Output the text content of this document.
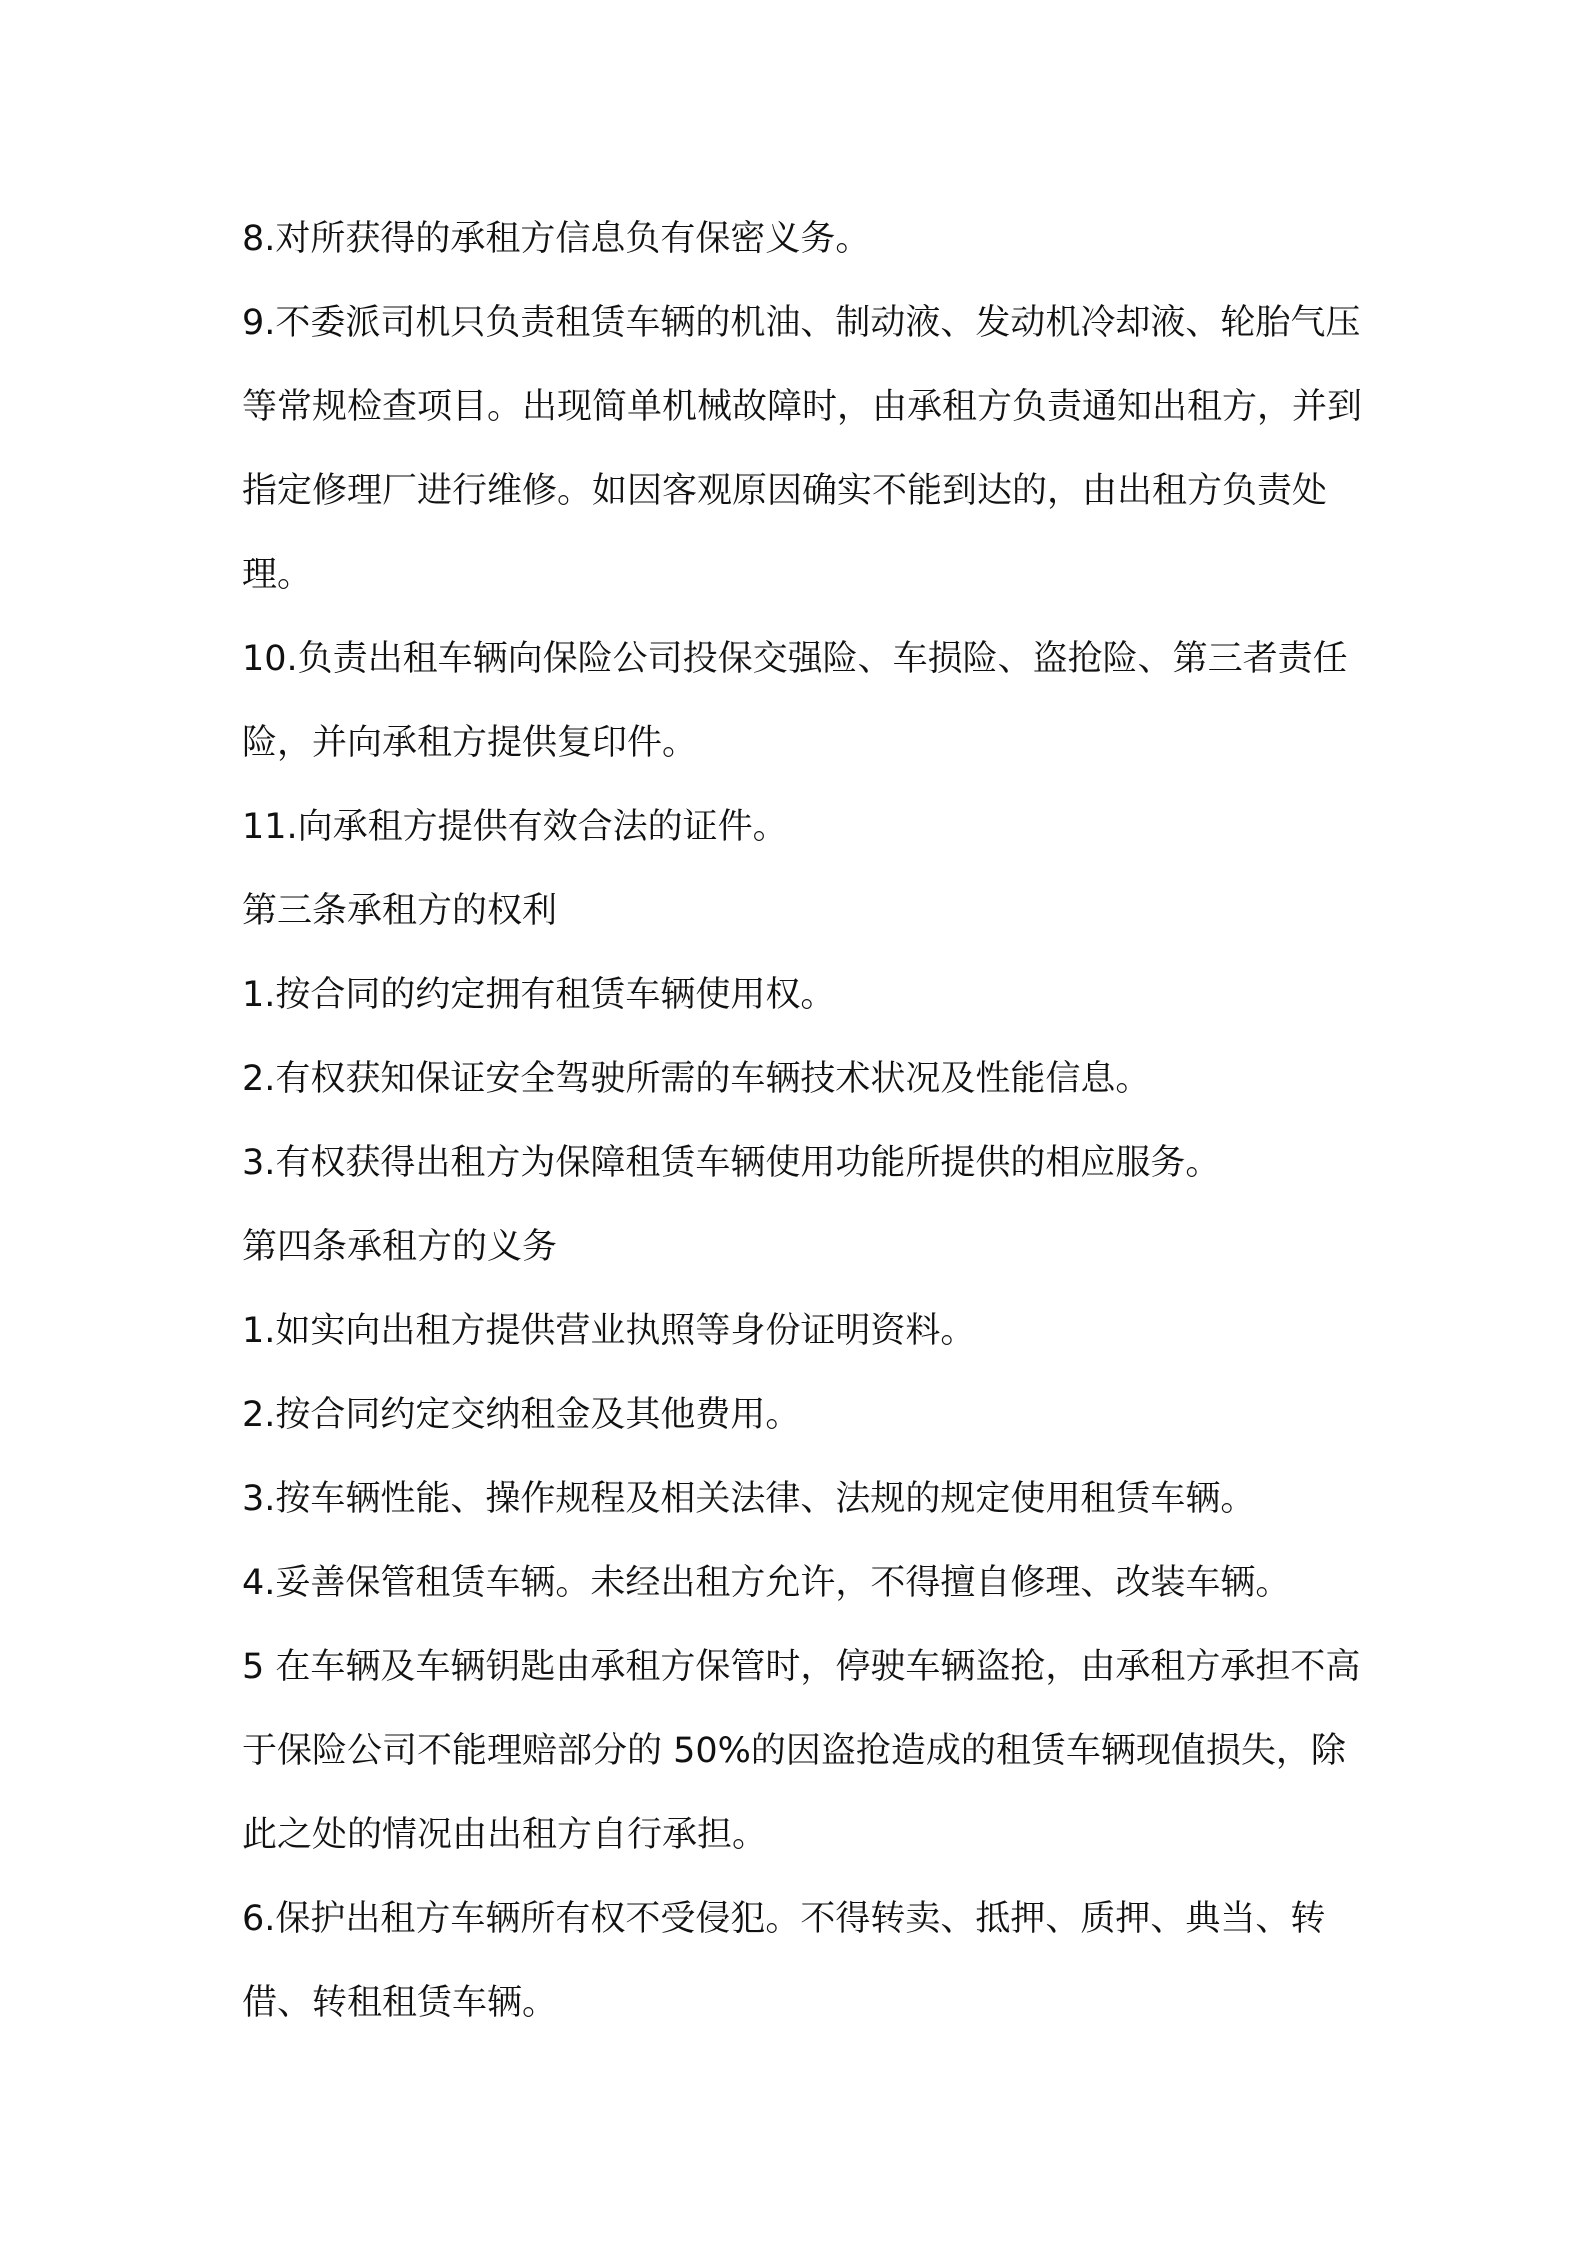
8.对所获得的承租方信息负有保密义务。

9.不委派司机只负责租赁车辆的机油、制动液、发动机冷却液、轮胎气压等常规检查项目。出现简单机械故障时，由承租方负责通知出租方，并到指定修理厂进行维修。如因客观原因确实不能到达的，由出租方负责处理。

10.负责出租车辆向保险公司投保交强险、车损险、盗抢险、第三者责任险，并向承租方提供复印件。

11.向承租方提供有效合法的证件。

第三条承租方的权利

1.按合同的约定拥有租赁车辆使用权。

2.有权获知保证安全驾驶所需的车辆技术状况及性能信息。

3.有权获得出租方为保障租赁车辆使用功能所提供的相应服务。

第四条承租方的义务

1.如实向出租方提供营业执照等身份证明资料。

2.按合同约定交纳租金及其他费用。

3.按车辆性能、操作规程及相关法律、法规的规定使用租赁车辆。

4.妥善保管租赁车辆。未经出租方允许，不得擅自修理、改装车辆。

5 在车辆及车辆钥匙由承租方保管时，停驶车辆盗抢，由承租方承担不高于保险公司不能理赔部分的 50%的因盗抢造成的租赁车辆现值损失，除此之处的情况由出租方自行承担。

6.保护出租方车辆所有权不受侵犯。不得转卖、抵押、质押、典当、转借、转租租赁车辆。
